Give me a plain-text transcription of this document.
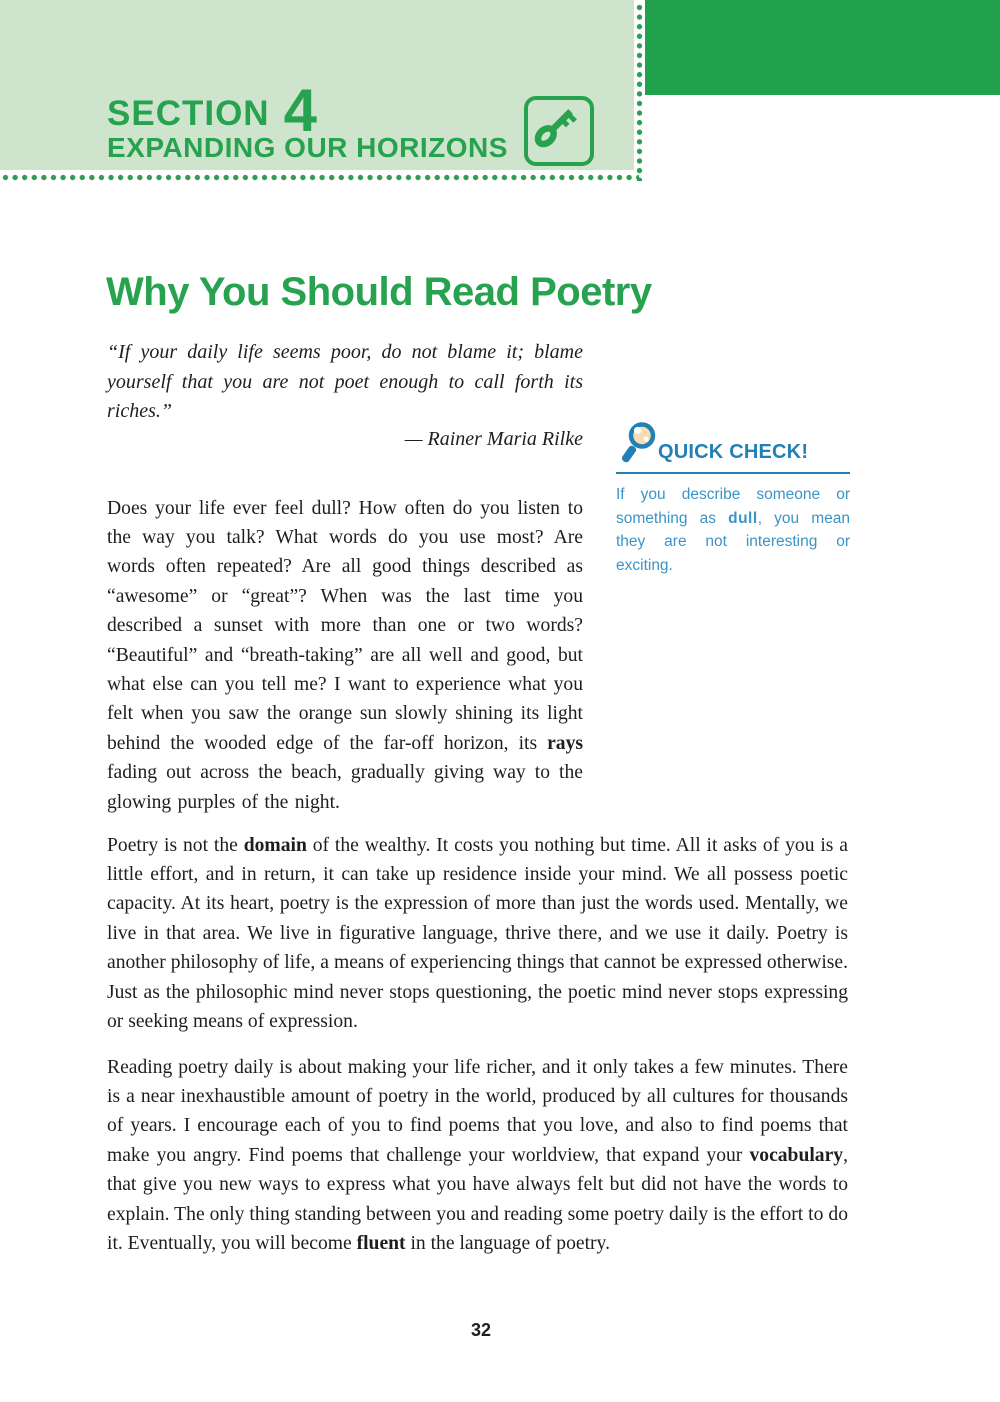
SECTION 4
EXPANDING OUR HORIZONS
Why You Should Read Poetry
“If your daily life seems poor, do not blame it; blame yourself that you are not poet enough to call forth its riches.”
— Rainer Maria Rilke

Does your life ever feel dull? How often do you listen to the way you talk? What words do you use most? Are words often repeated? Are all good things described as “awesome” or “great”? When was the last time you described a sunset with more than one or two words? “Beautiful” and “breath-taking” are all well and good, but what else can you tell me? I want to experience what you felt when you saw the orange sun slowly shining its light behind the wooded edge of the far-off horizon, its rays fading out across the beach, gradually giving way to the glowing purples of the night.

Poetry is not the domain of the wealthy. It costs you nothing but time. All it asks of you is a little effort, and in return, it can take up residence inside your mind. We all possess poetic capacity. At its heart, poetry is the expression of more than just the words used. Mentally, we live in that area. We live in figurative language, thrive there, and we use it daily. Poetry is another philosophy of life, a means of experiencing things that cannot be expressed otherwise. Just as the philosophic mind never stops questioning, the poetic mind never stops expressing or seeking means of expression.

Reading poetry daily is about making your life richer, and it only takes a few minutes. There is a near inexhaustible amount of poetry in the world, produced by all cultures for thousands of years. I encourage each of you to find poems that you love, and also to find poems that make you angry. Find poems that challenge your worldview, that expand your vocabulary, that give you new ways to express what you have always felt but did not have the words to explain. The only thing standing between you and reading some poetry daily is the effort to do it. Eventually, you will become fluent in the language of poetry.

QUICK CHECK!
If you describe someone or something as dull, you mean they are not interesting or exciting.
32
